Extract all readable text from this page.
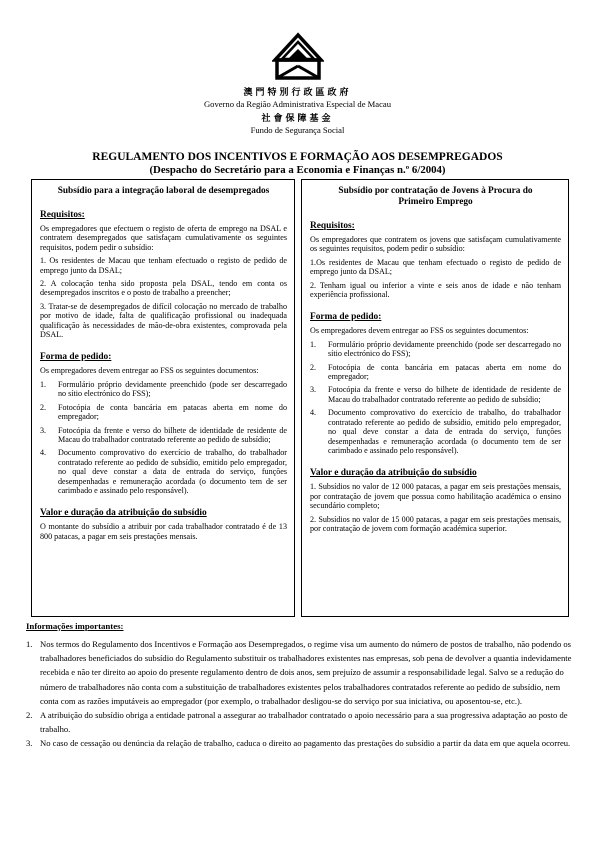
澳門特別行政區政府
Governo da Região Administrativa Especial de Macau
社會保障基金
Fundo de Segurança Social
REGULAMENTO DOS INCENTIVOS E FORMAÇÃO AOS DESEMPREGADOS
(Despacho do Secretário para a Economia e Finanças n.º 6/2004)
Subsídio para a integração laboral de desempregados
Requisitos:
Os empregadores que efectuem o registo de oferta de emprego na DSAL e contratem desempregados que satisfaçam cumulativamente os seguintes requisitos, podem pedir o subsídio:
1. Os residentes de Macau que tenham efectuado o registo de pedido de emprego junto da DSAL;
2. A colocação tenha sido proposta pela DSAL, tendo em conta os desempregados inscritos e o posto de trabalho a preencher;
3. Tratar-se de desempregados de difícil colocação no mercado de trabalho por motivo de idade, falta de qualificação profissional ou inadequada qualificação às necessidades de mão-de-obra existentes, comprovada pela DSAL.
Forma de pedido:
Os empregadores devem entregar ao FSS os seguintes documentos:
1.	Formulário próprio devidamente preenchido (pode ser descarregado no sítio electrónico do FSS);
2.	Fotocópia de conta bancária em patacas aberta em nome do empregador;
3.	Fotocópia da frente e verso do bilhete de identidade de residente de Macau do trabalhador contratado referente ao pedido de subsídio;
4.	Documento comprovativo do exercício de trabalho, do trabalhador contratado referente ao pedido de subsídio, emitido pelo empregador, no qual deve constar a data de entrada do serviço, funções desempenhadas e remuneração acordada (o documento tem de ser carimbado e assinado pelo responsável).
Valor e duração da atribuição do subsídio
O montante do subsídio a atribuir por cada trabalhador contratado é de 13 800 patacas, a pagar em seis prestações mensais.
Subsídio por contratação de Jovens à Procura do Primeiro Emprego
Requisitos:
Os empregadores que contratem os jovens que satisfaçam cumulativamente os seguintes requisitos, podem pedir o subsídio:
1.Os residentes de Macau que tenham efectuado o registo de pedido de emprego junto da DSAL;
2. Tenham igual ou inferior a vinte e seis anos de idade e não tenham experiência profissional.
Forma de pedido:
Os empregadores devem entregar ao FSS os seguintes documentos:
1.	Formulário próprio devidamente preenchido (pode ser descarregado no sítio electrónico do FSS);
2.	Fotocópia de conta bancária em patacas aberta em nome do empregador;
3.	Fotocópia da frente e verso do bilhete de identidade de residente de Macau do trabalhador contratado referente ao pedido de subsídio;
4.	Documento comprovativo do exercício de trabalho, do trabalhador contratado referente ao pedido de subsídio, emitido pelo empregador, no qual deve constar a data de entrada do serviço, funções desempenhadas e remuneração acordada (o documento tem de ser carimbado e assinado pelo responsável).
Valor e duração da atribuição do subsídio
1. Subsídios no valor de 12 000 patacas, a pagar em seis prestações mensais, por contratação de jovem que possua como habilitação académica o ensino secundário completo;
2. Subsídios no valor de 15 000 patacas, a pagar em seis prestações mensais, por contratação de jovem com formação académica superior.
Informações importantes:
1. Nos termos do Regulamento dos Incentivos e Formação aos Desempregados, o regime visa um aumento do número de postos de trabalho, não podendo os trabalhadores beneficiados do subsídio do Regulamento substituir os trabalhadores existentes nas empresas, sob pena de devolver a quantia indevidamente recebida e não ter direito ao apoio do presente regulamento dentro de dois anos, sem prejuízo de assumir a responsabilidade legal. Salvo se a redução do número de trabalhadores não conta com a substituição de trabalhadores existentes pelos trabalhadores contratados referente ao pedido de subsídio, nem conta com as razões imputáveis ao empregador (por exemplo, o trabalhador desligou-se do serviço por sua iniciativa, ou aposentou-se, etc.).
2. A atribuição do subsídio obriga a entidade patronal a assegurar ao trabalhador contratado o apoio necessário para a sua progressiva adaptação ao posto de trabalho.
3. No caso de cessação ou denúncia da relação de trabalho, caduca o direito ao pagamento das prestações do subsídio a partir da data em que aquela ocorreu.
